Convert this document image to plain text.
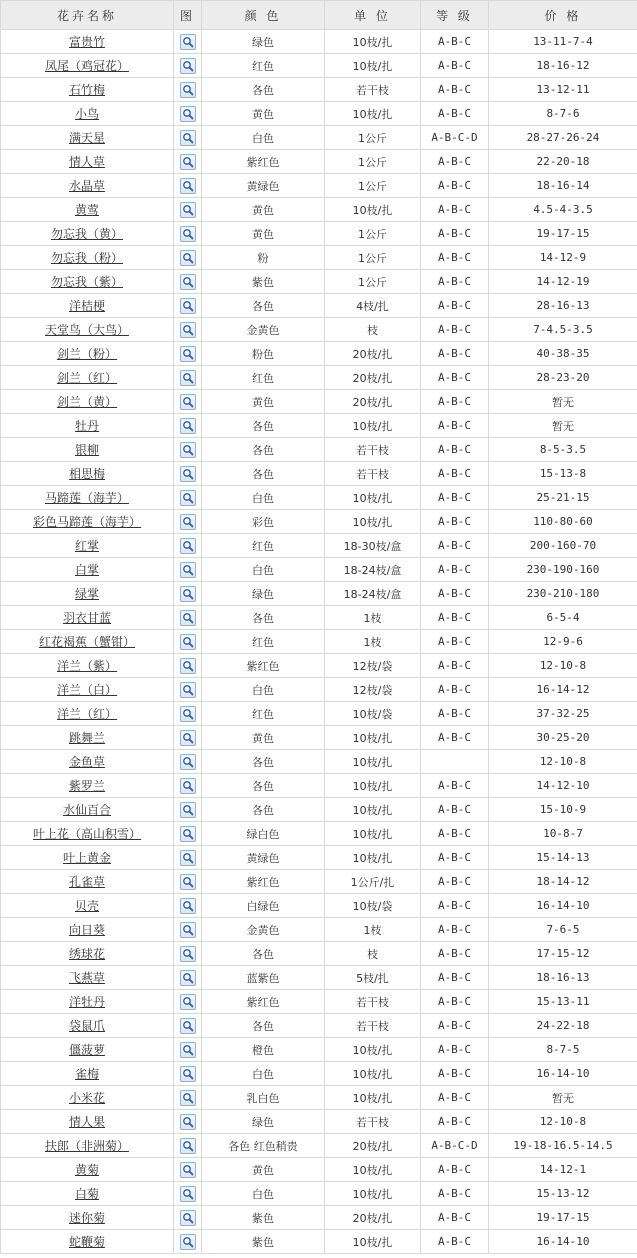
花卉名称	图	颜 色	单 位	等 级	价 格
富贵竹		绿色	10枝/扎	A-B-C	13-11-7-4
凤尾（鸡冠花）		红色	10枝/扎	A-B-C	18-16-12
石竹梅		各色	若干枝	A-B-C	13-12-11
小鸟		黄色	10枝/扎	A-B-C	8-7-6
满天星		白色	1公斤	A-B-C-D	28-27-26-24
情人草		紫红色	1公斤	A-B-C	22-20-18
水晶草		黄绿色	1公斤	A-B-C	18-16-14
黄莺		黄色	10枝/扎	A-B-C	4.5-4-3.5
勿忘我（黄）		黄色	1公斤	A-B-C	19-17-15
勿忘我（粉）		粉	1公斤	A-B-C	14-12-9
勿忘我（紫）		紫色	1公斤	A-B-C	14-12-19
洋桔梗		各色	4枝/扎	A-B-C	28-16-13
天堂鸟（大鸟）		金黄色	枝	A-B-C	7-4.5-3.5
剑兰（粉）		粉色	20枝/扎	A-B-C	40-38-35
剑兰（红）		红色	20枝/扎	A-B-C	28-23-20
剑兰（黄）		黄色	20枝/扎	A-B-C	暂无
牡丹		各色	10枝/扎	A-B-C	暂无
银柳		各色	若干枝	A-B-C	8-5-3.5
相思梅		各色	若干枝	A-B-C	15-13-8
马蹄莲（海芋）		白色	10枝/扎	A-B-C	25-21-15
彩色马蹄莲（海芋）		彩色	10枝/扎	A-B-C	110-80-60
红掌		红色	18-30枝/盒	A-B-C	200-160-70
白掌		白色	18-24枝/盒	A-B-C	230-190-160
绿掌		绿色	18-24枝/盒	A-B-C	230-210-180
羽衣甘蓝		各色	1枝	A-B-C	6-5-4
红花褐蕉（蟹钳）		红色	1枝	A-B-C	12-9-6
洋兰（紫）		紫红色	12枝/袋	A-B-C	12-10-8
洋兰（白）		白色	12枝/袋	A-B-C	16-14-12
洋兰（红）		红色	10枝/袋	A-B-C	37-32-25
跳舞兰		黄色	10枝/扎	A-B-C	30-25-20
金鱼草		各色	10枝/扎		12-10-8
紫罗兰		各色	10枝/扎	A-B-C	14-12-10
水仙百合		各色	10枝/扎	A-B-C	15-10-9
叶上花（高山积雪）		绿白色	10枝/扎	A-B-C	10-8-7
叶上黄金		黄绿色	10枝/扎	A-B-C	15-14-13
孔雀草		紫红色	1公斤/扎	A-B-C	18-14-12
贝壳		白绿色	10枝/袋	A-B-C	16-14-10
向日葵		金黄色	1枝	A-B-C	7-6-5
绣球花		各色	枝	A-B-C	17-15-12
飞燕草		蓝紫色	5枝/扎	A-B-C	18-16-13
洋牡丹		紫红色	若干枝	A-B-C	15-13-11
袋鼠爪		各色	若干枝	A-B-C	24-22-18
僵菠萝		橙色	10枝/扎	A-B-C	8-7-5
雀梅		白色	10枝/扎	A-B-C	16-14-10
小米花		乳白色	10枝/扎	A-B-C	暂无
情人果		绿色	若干枝	A-B-C	12-10-8
扶郎（非洲菊）		各色 红色稍贵	20枝/扎	A-B-C-D	19-18-16.5-14.5
黄菊		黄色	10枝/扎	A-B-C	14-12-1
白菊		白色	10枝/扎	A-B-C	15-13-12
迷你菊		紫色	20枝/扎	A-B-C	19-17-15
蛇鞭菊		紫色	10枝/扎	A-B-C	16-14-10
